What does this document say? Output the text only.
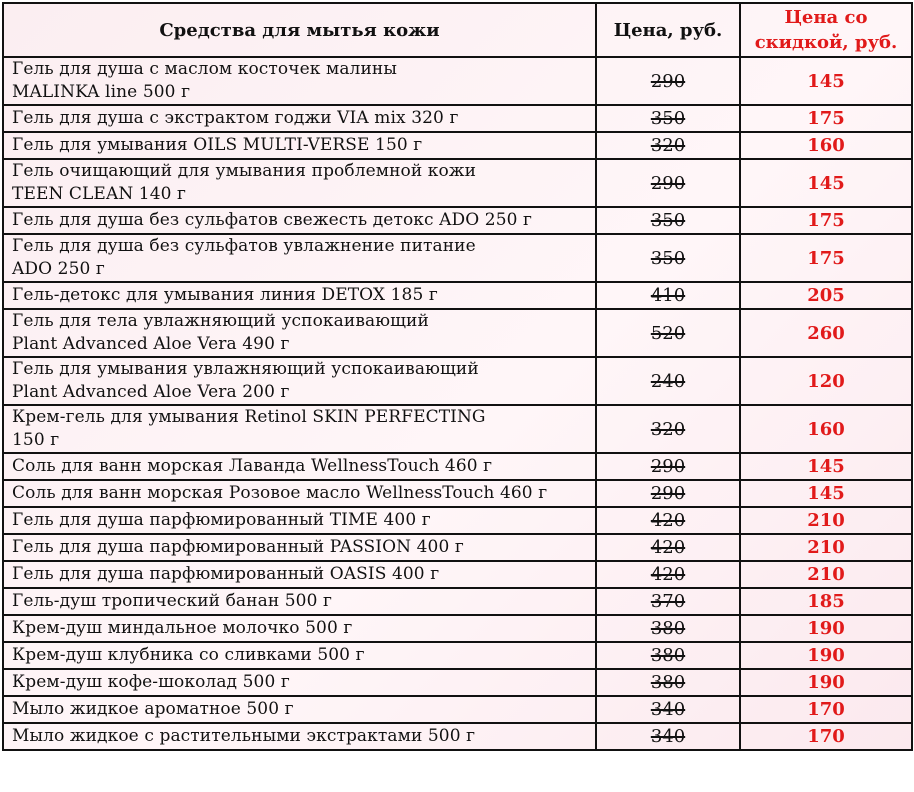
Средства для мытья кожи	Цена, руб.	Цена со
скидкой, руб.

Гель для душа с маслом косточек малины
MALINKA line 500 г	290	145

Гель для душа с экстрактом годжи VIA mix 320 г	350	175

Гель для умывания OILS MULTI-VERSE 150 г	320	160

Гель очищающий для умывания проблемной кожи
TEEN CLEAN 140 г	290	145

Гель для душа без сульфатов свежесть детокс ADO 250 г	350	175

Гель для душа без сульфатов увлажнение питание
ADO 250 г	350	175

Гель-детокс для умывания линия DETOX 185 г	410	205

Гель для тела увлажняющий успокаивающий
Plant Advanced Aloe Vera 490 г	520	260

Гель для умывания увлажняющий успокаивающий
Plant Advanced Aloe Vera 200 г	240	120

Крем-гель для умывания Retinol SKIN PERFECTING
150 г	320	160

Соль для ванн морская Лаванда WellnessTouch 460 г	290	145

Соль для ванн морская Розовое масло WellnessTouch 460 г	290	145

Гель для душа парфюмированный TIME 400 г	420	210

Гель для душа парфюмированный PASSION 400 г	420	210

Гель для душа парфюмированный OASIS 400 г	420	210

Гель-душ тропический банан 500 г	370	185

Крем-душ миндальное молочко 500 г	380	190

Крем-душ клубника со сливками 500 г	380	190

Крем-душ кофе-шоколад 500 г	380	190

Мыло жидкое ароматное 500 г	340	170

Мыло жидкое с растительными экстрактами 500 г	340	170
